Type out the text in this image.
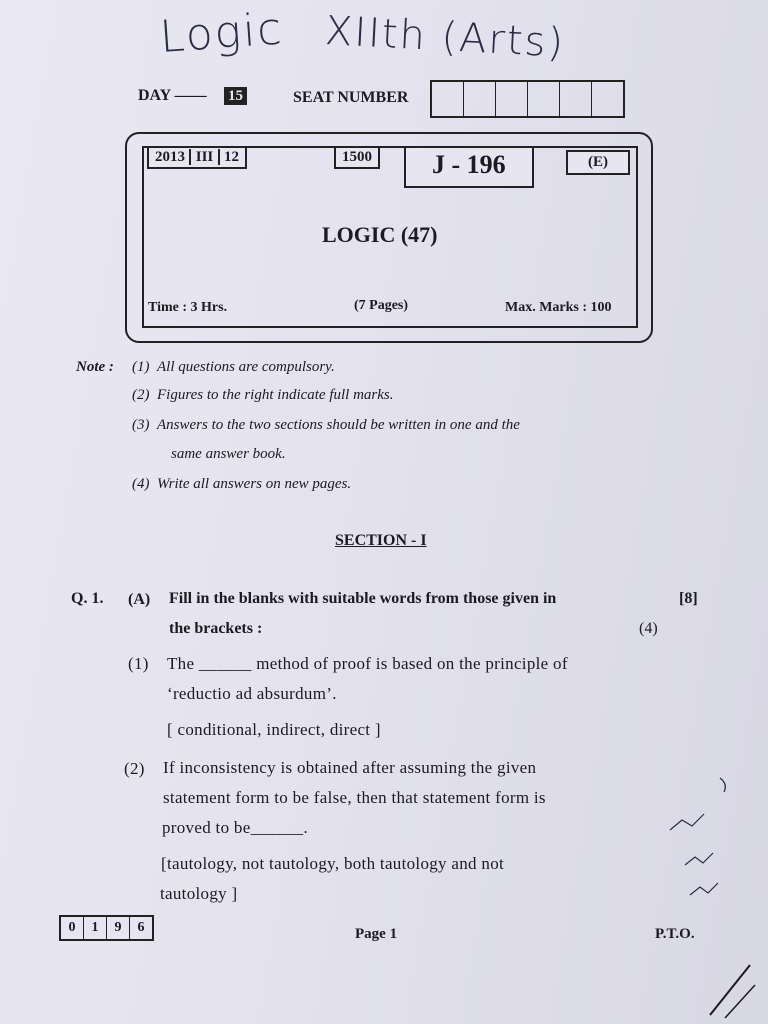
Logic XIIth (Arts)
DAY —— 15	SEAT NUMBER
2013 III 12	1500	J - 196	(E)
LOGIC (47)
Time : 3 Hrs.	(7 Pages)	Max. Marks : 100
Note : (1) All questions are compulsory.
(2) Figures to the right indicate full marks.
(3) Answers to the two sections should be written in one and the
same answer book.
(4) Write all answers on new pages.
SECTION - I
Q. 1. (A) Fill in the blanks with suitable words from those given in
the brackets :
[8]
(4)
(1) The ______ method of proof is based on the principle of
‘reductio ad absurdum’.
[ conditional, indirect, direct ]
(2) If inconsistency is obtained after assuming the given
statement form to be false, then that statement form is
proved to be______.
[tautology, not tautology, both tautology and not
tautology ]
0	1	9	6	Page 1	P.T.O.
